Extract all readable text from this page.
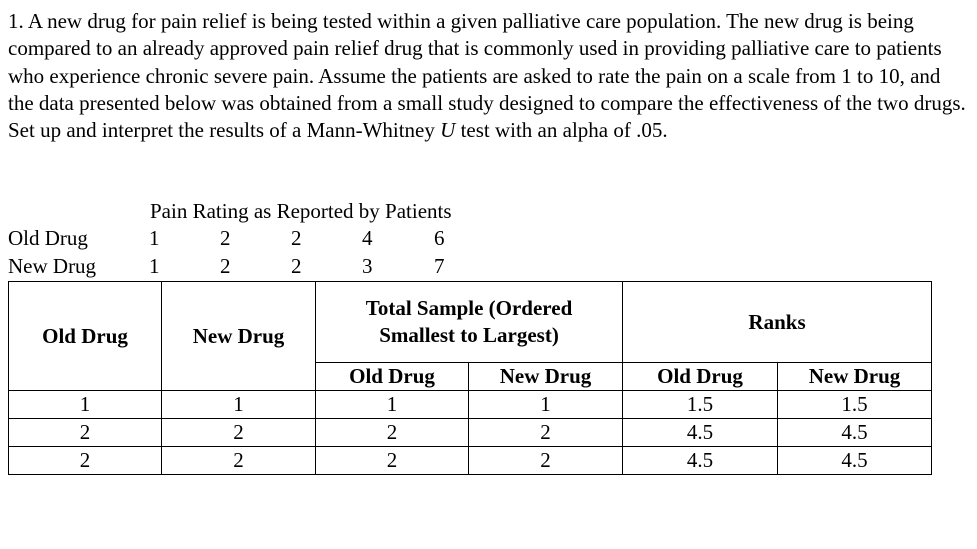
1. A new drug for pain relief is being tested within a given palliative care population. The new drug is being compared to an already approved pain relief drug that is commonly used in providing palliative care to patients who experience chronic severe pain. Assume the patients are asked to rate the pain on a scale from 1 to 10, and the data presented below was obtained from a small study designed to compare the effectiveness of the two drugs. Set up and interpret the results of a Mann-Whitney U test with an alpha of .05.

Pain Rating as Reported by Patients
Old Drug	1	2	2	4	6
New Drug	1	2	2	3	7
Old Drug	New Drug	Total Sample (Ordered Smallest to Largest)		Ranks	
		Old Drug	New Drug	Old Drug	New Drug
1	1	1	1	1.5	1.5
2	2	2	2	4.5	4.5
2	2	2	2	4.5	4.5
